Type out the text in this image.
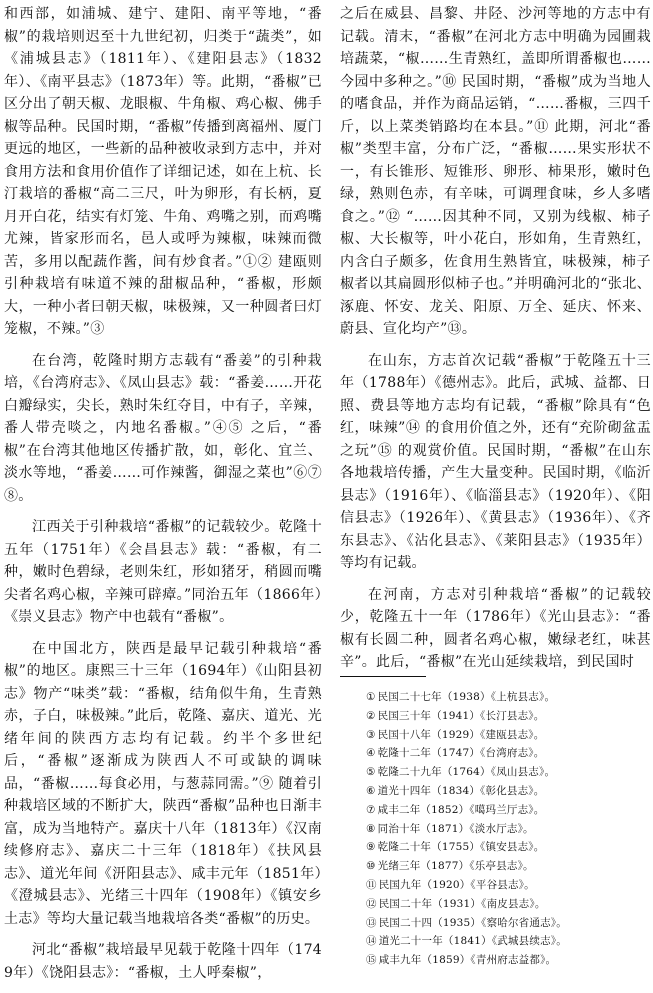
和西部，如浦城、建宁、建阳、南平等地，“番椒”的栽培则迟至十九世纪初，归类于“蔬类”，如《浦城县志》（1811年）、《建阳县志》（1832年）、《南平县志》（1873年）等。此期，“番椒”已区分出了朝天椒、龙眼椒、牛角椒、鸡心椒、佛手椒等品种。民国时期，“番椒”传播到离福州、厦门更远的地区，一些新的品种被收录到方志中，并对食用方法和食用价值作了详细记述，如在上杭、长汀栽培的番椒“高二三尺，叶为卵形，有长柄，夏月开白花，结实有灯笼、牛角、鸡嘴之别，而鸡嘴尤辣，皆家形而名，邑人或呼为辣椒，味辣而微苦，多用以配蔬作酱，间有炒食者。”①② 建瓯则引种栽培有味道不辣的甜椒品种，“番椒，形颇大，一种小者曰朝天椒，味极辣，又一种圆者曰灯笼椒，不辣。”③

在台湾，乾隆时期方志载有“番姜”的引种栽培，《台湾府志》、《凤山县志》载：“番姜……开花白瓣绿实，尖长，熟时朱红夺目，中有子，辛辣，番人带壳啖之，内地名番椒。”④⑤ 之后，“番椒”在台湾其他地区传播扩散，如，彰化、宜兰、淡水等地，“番姜……可作辣酱，御湿之菜也”⑥⑦⑧。

江西关于引种栽培“番椒”的记载较少。乾隆十五年（1751年）《会昌县志》载：“番椒，有二种，嫩时色碧绿，老则朱红，形如猪牙，稍圆而嘴尖者名鸡心椒，辛辣可辟瘴。”同治五年（1866年）《崇义县志》物产中也载有“番椒”。

在中国北方，陕西是最早记载引种栽培“番椒”的地区。康熙三十三年（1694年）《山阳县初志》物产“味类”载：“番椒，结角似牛角，生青熟赤，子白，味极辣。”此后，乾隆、嘉庆、道光、光绪年间的陕西方志均有记载。约半个多世纪后，“番椒”逐渐成为陕西人不可或缺的调味品，“番椒……每食必用，与葱蒜同需。”⑨ 随着引种栽培区域的不断扩大，陕西“番椒”品种也日渐丰富，成为当地特产。嘉庆十八年（1813年）《汉南续修府志》、嘉庆二十三年（1818年）《扶风县志》、道光年间《汧阳县志》、咸丰元年（1851年）《澄城县志》、光绪三十四年（1908年）《镇安乡土志》等均大量记载当地栽培各类“番椒”的历史。

河北“番椒”栽培最早见载于乾隆十四年（1749年）《饶阳县志》：“番椒，土人呼秦椒”，

之后在威县、昌黎、井陉、沙河等地的方志中有记载。清末，“番椒”在河北方志中明确为园圃栽培蔬菜，“椒……生青熟红，盖即所谓番椒也……今园中多种之。”⑩ 民国时期，“番椒”成为当地人的嗜食品，并作为商品运销，“……番椒，三四千斤，以上菜类销路均在本县。”⑪ 此期，河北“番椒”类型丰富，分布广泛，“番椒……果实形状不一，有长锥形、短锥形、卵形、柿果形，嫩时色绿，熟则色赤，有辛味，可调理食味，乡人多嗜食之。”⑫ “……因其种不同，又别为线椒、柿子椒、大长椒等，叶小花白，形如角，生青熟红，内含白子颇多，佐食用生熟皆宜，味极辣，柿子椒者以其扁圆形似柿子也。”并明确河北的“张北、涿鹿、怀安、龙关、阳原、万全、延庆、怀来、蔚县、宣化均产”⑬。

在山东，方志首次记载“番椒”于乾隆五十三年（1788年）《德州志》。此后，武城、益都、日照、费县等地方志均有记载，“番椒”除具有“色红，味辣”⑭ 的食用价值之外，还有“充阶砌盆盂之玩”⑮ 的观赏价值。民国时期，“番椒”在山东各地栽培传播，产生大量变种。民国时期，《临沂县志》（1916年）、《临淄县志》（1920年）、《阳信县志》（1926年）、《黄县志》（1936年）、《齐东县志》、《沾化县志》、《莱阳县志》（1935年）等均有记载。

在河南，方志对引种栽培“番椒”的记载较少，乾隆五十一年（1786年）《光山县志》：“番椒有长圆二种，圆者名鸡心椒，嫩绿老红，味甚辛”。此后，“番椒”在光山延续栽培，到民国时

① 民国二十七年（1938）《上杭县志》。
② 民国三十年（1941）《长汀县志》。
③ 民国十八年（1929）《建瓯县志》。
④ 乾隆十二年（1747）《台湾府志》。
⑤ 乾隆二十九年（1764）《凤山县志》。
⑥ 道光十四年（1834）《彰化县志》。
⑦ 咸丰二年（1852）《噶玛兰厅志》。
⑧ 同治十年（1871）《淡水厅志》。
⑨ 乾隆二十年（1755）《镇安县志》。
⑩ 光绪三年（1877）《乐亭县志》。
⑪ 民国九年（1920）《平谷县志》。
⑫ 民国二十年（1931）《南皮县志》。
⑬ 民国二十四（1935）《察哈尔省通志》。
⑭ 道光二十一年（1841）《武城县续志》。
⑮ 咸丰九年（1859）《青州府志益都》。
